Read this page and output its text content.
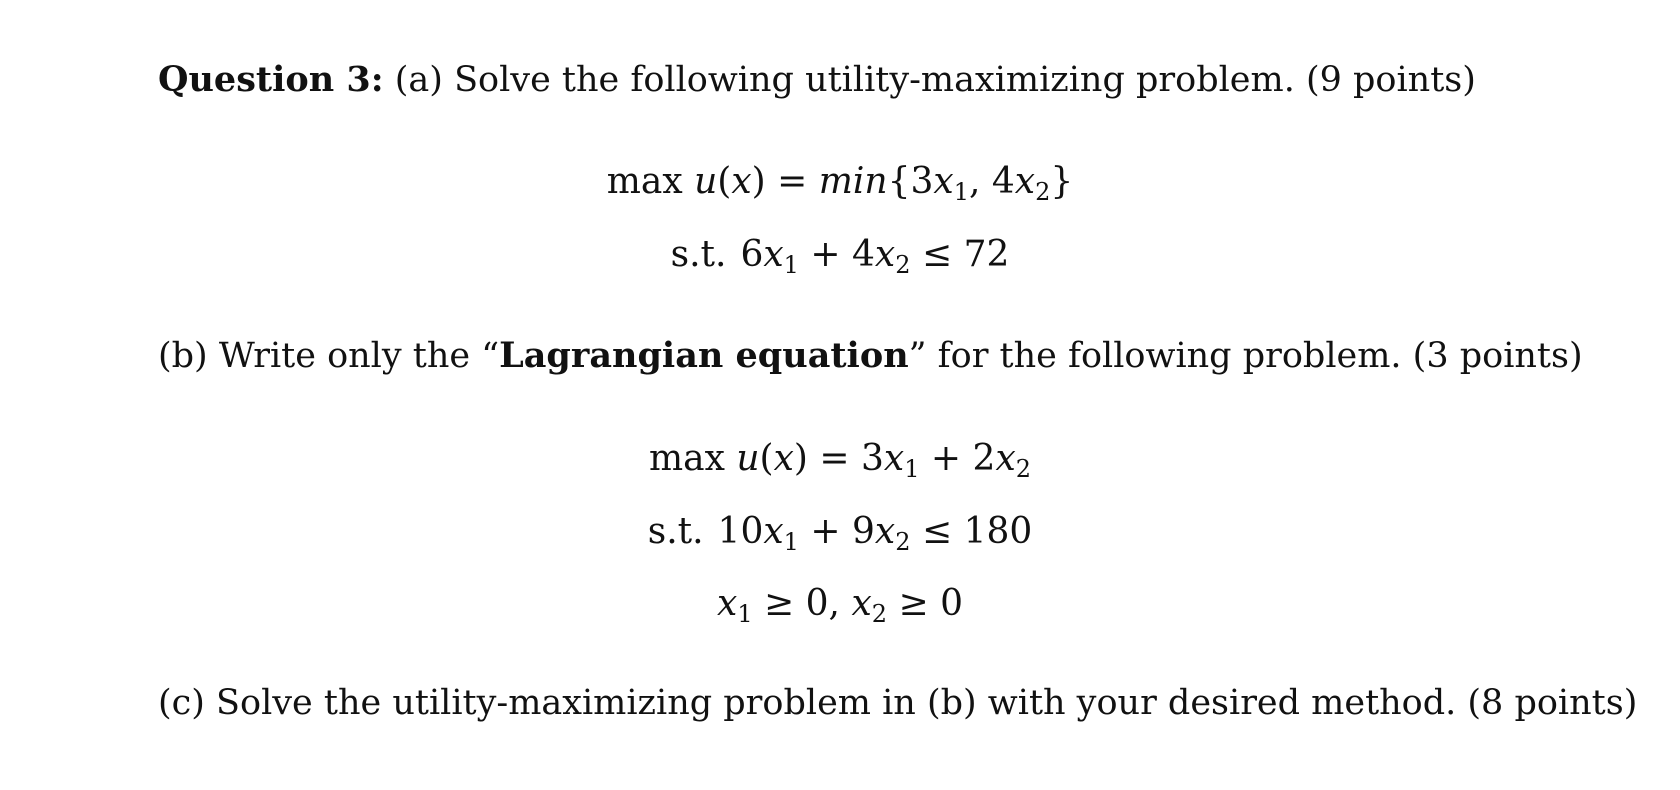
Question 3: (a) Solve the following utility-maximizing problem. (9 points)
$\max u(x) = \min\{3x_1$, $4x_2$}
s.t. $6x_1 + 4x_2 \le 72$
(b) Write only the “Lagrangian equation” for the following problem. (3 points)
$\max u(x) = 3x_1 + 2x_2$
s.t. $10x_1 + 9x_2 \le 180$
$x_1 \ge 0$, $x_2 \ge 0$
(c) Solve the utility-maximizing problem in (b) with your desired method. (8 points)
